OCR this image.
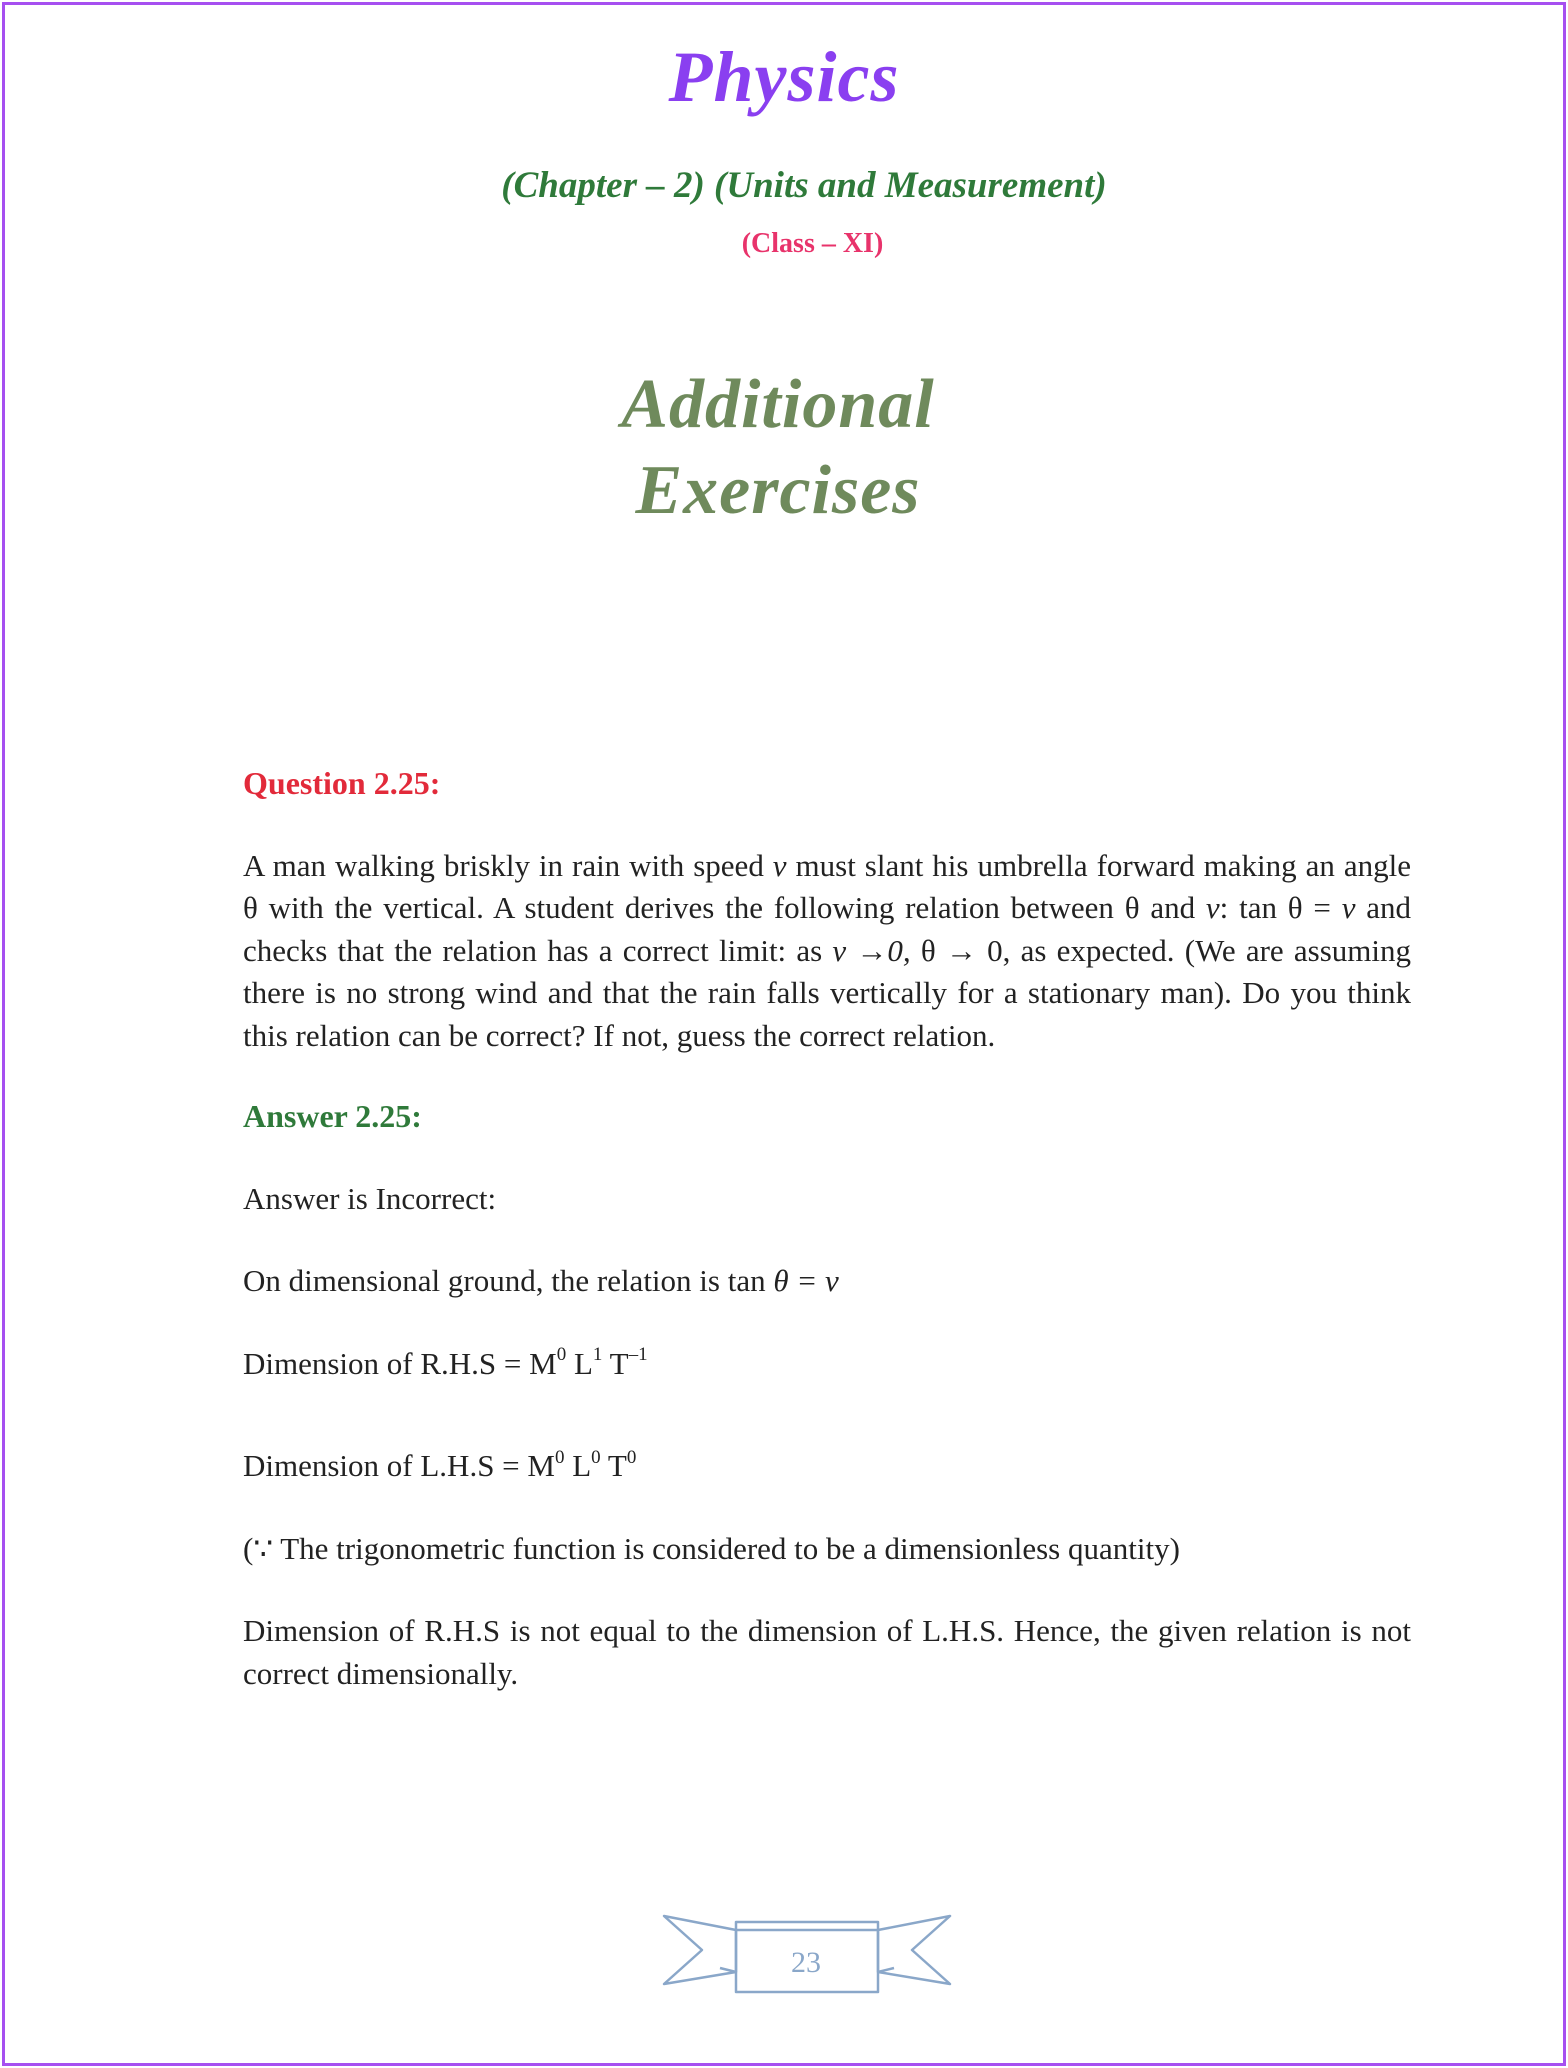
Physics
(Chapter – 2) (Units and Measurement)
(Class – XI)
Additional
Exercises
Question 2.25:

A man walking briskly in rain with speed v must slant his umbrella forward making an angle θ with the vertical. A student derives the following relation between θ and v: tan θ = v and checks that the relation has a correct limit: as v →0, θ → 0, as expected. (We are assuming there is no strong wind and that the rain falls vertically for a stationary man). Do you think this relation can be correct? If not, guess the correct relation.

Answer 2.25:

Answer is Incorrect:

On dimensional ground, the relation is tan θ = v

Dimension of $R.H.S = M^0$ $L^1$ $T^{-1}$

Dimension of $L.H.S = M^0$ $L^0$ $T^0$

(∵ The trigonometric function is considered to be a dimensionless quantity)

Dimension of R.H.S is not equal to the dimension of L.H.S. Hence, the given relation is not correct dimensionally.

23
